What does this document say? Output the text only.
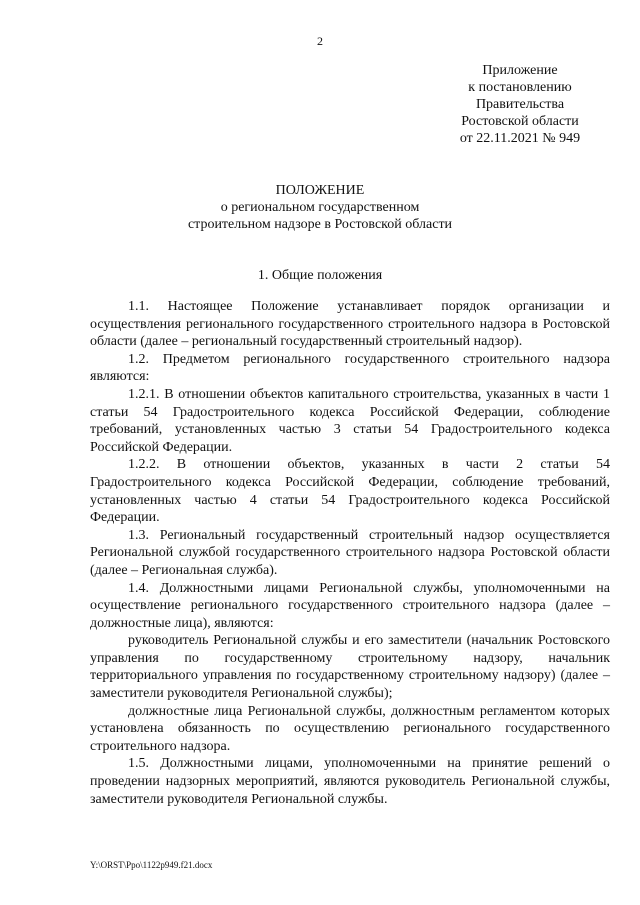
2
Приложение
к постановлению
Правительства
Ростовской области
от 22.11.2021 № 949
ПОЛОЖЕНИЕ
о региональном государственном
строительном надзоре в Ростовской области
1. Общие положения

1.1. Настоящее Положение устанавливает порядок организации и осуществления регионального государственного строительного надзора в Ростовской области (далее – региональный государственный строительный надзор).

1.2. Предметом регионального государственного строительного надзора являются:

1.2.1. В отношении объектов капитального строительства, указанных в части 1 статьи 54 Градостроительного кодекса Российской Федерации, соблюдение требований, установленных частью 3 статьи 54 Градостроительного кодекса Российской Федерации.

1.2.2. В отношении объектов, указанных в части 2 статьи 54 Градостроительного кодекса Российской Федерации, соблюдение требований, установленных частью 4 статьи 54 Градостроительного кодекса Российской Федерации.

1.3. Региональный государственный строительный надзор осуществляется Региональной службой государственного строительного надзора Ростовской области (далее – Региональная служба).

1.4. Должностными лицами Региональной службы, уполномоченными на осуществление регионального государственного строительного надзора (далее – должностные лица), являются:

руководитель Региональной службы и его заместители (начальник Ростовского управления по государственному строительному надзору, начальник территориального управления по государственному строительному надзору) (далее – заместители руководителя Региональной службы);

должностные лица Региональной службы, должностным регламентом которых установлена обязанность по осуществлению регионального государственного строительного надзора.

1.5. Должностными лицами, уполномоченными на принятие решений о проведении надзорных мероприятий, являются руководитель Региональной службы, заместители руководителя Региональной службы.

Y:\ORST\Ppo\1122p949.f21.docx
